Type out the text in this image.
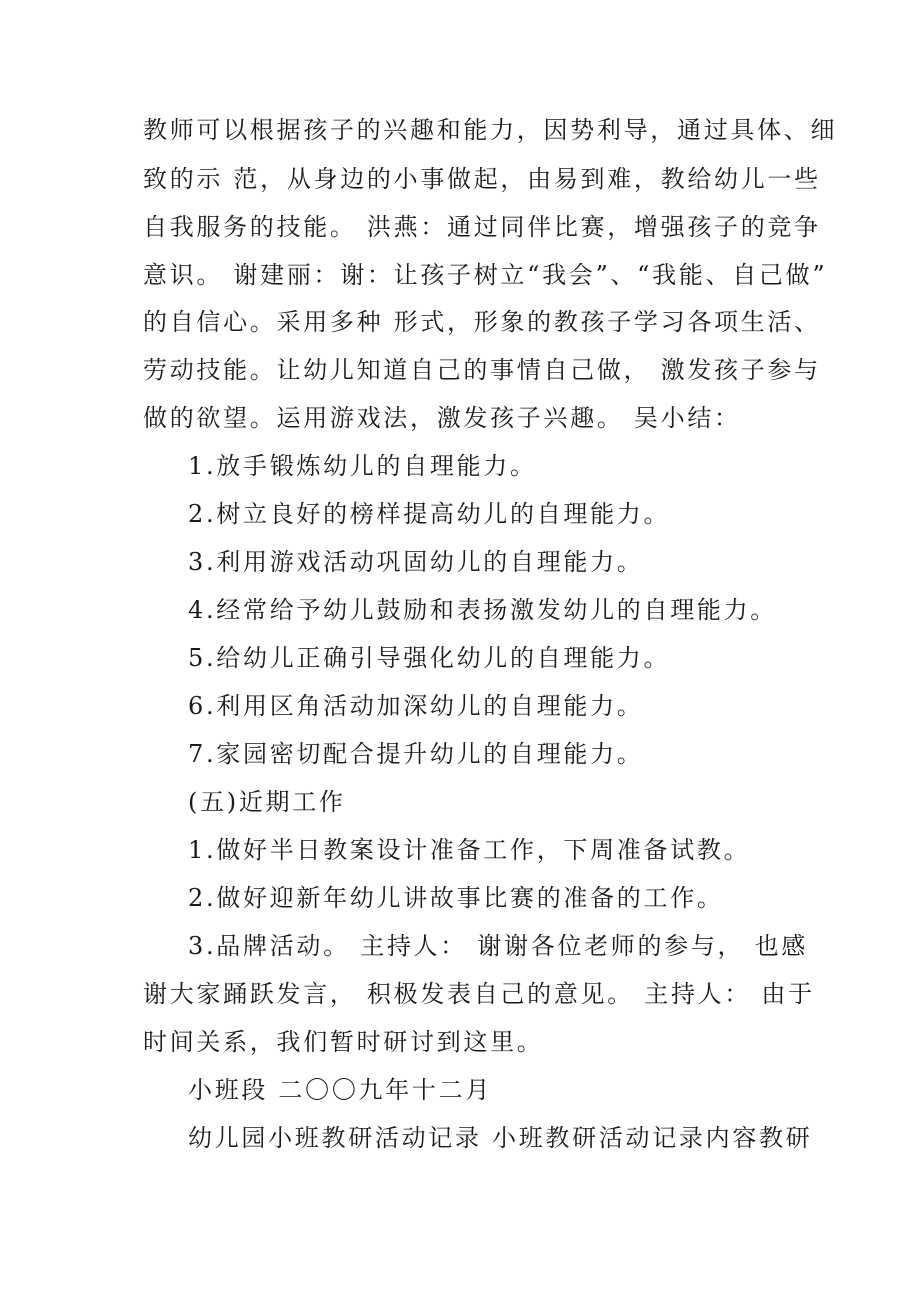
教师可以根据孩子的兴趣和能力，因势利导，通过具体、细
致的示 范，从身边的小事做起，由易到难，教给幼儿一些
自我服务的技能。 洪燕：通过同伴比赛，增强孩子的竞争
意识。 谢建丽：谢：让孩子树立“我会”、“我能、自己做”
的自信心。采用多种 形式，形象的教孩子学习各项生活、
劳动技能。让幼儿知道自己的事情自己做， 激发孩子参与
做的欲望。运用游戏法，激发孩子兴趣。 吴小结：
1.放手锻炼幼儿的自理能力。
2.树立良好的榜样提高幼儿的自理能力。
3.利用游戏活动巩固幼儿的自理能力。
4.经常给予幼儿鼓励和表扬激发幼儿的自理能力。
5.给幼儿正确引导强化幼儿的自理能力。
6.利用区角活动加深幼儿的自理能力。
7.家园密切配合提升幼儿的自理能力。
(五)近期工作
1.做好半日教案设计准备工作，下周准备试教。
2.做好迎新年幼儿讲故事比赛的准备的工作。
3.品牌活动。 主持人： 谢谢各位老师的参与， 也感
谢大家踊跃发言， 积极发表自己的意见。 主持人： 由于
时间关系，我们暂时研讨到这里。
小班段 二〇〇九年十二月
幼儿园小班教研活动记录 小班教研活动记录内容教研
